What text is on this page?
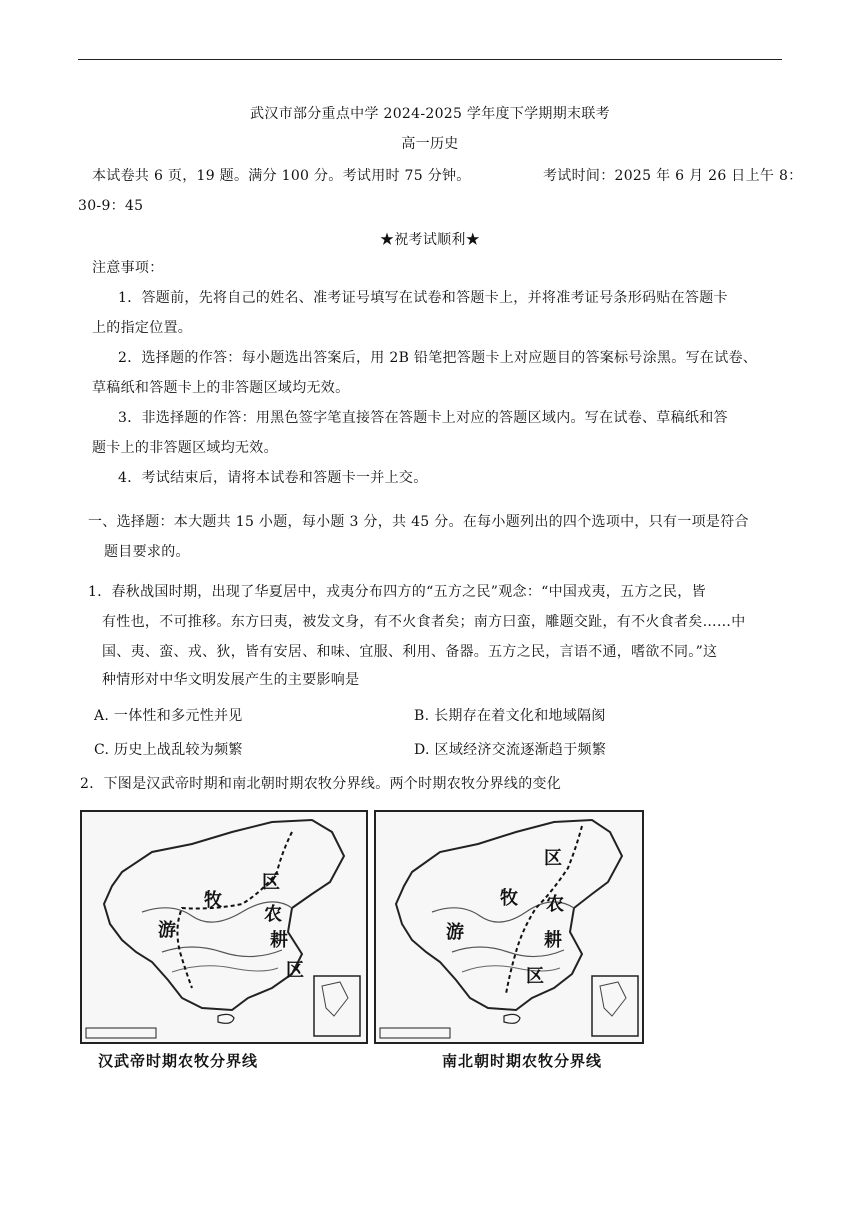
武汉市部分重点中学 2024-2025 学年度下学期期末联考
高一历史
本试卷共 6 页，19 题。满分 100 分。考试用时 75 分钟。	考试时间：2025 年 6 月 26 日上午 8：
30-9：45
★祝考试顺利★
注意事项：
1．答题前，先将自己的姓名、准考证号填写在试卷和答题卡上，并将准考证号条形码贴在答题卡
上的指定位置。
2．选择题的作答：每小题选出答案后，用 2B 铅笔把答题卡上对应题目的答案标号涂黑。写在试卷、
草稿纸和答题卡上的非答题区域均无效。
3．非选择题的作答：用黑色签字笔直接答在答题卡上对应的答题区域内。写在试卷、草稿纸和答
题卡上的非答题区域均无效。
4．考试结束后，请将本试卷和答题卡一并上交。
一、选择题：本大题共 15 小题，每小题 3 分，共 45 分。在每小题列出的四个选项中，只有一项是符合
题目要求的。
1．春秋战国时期，出现了华夏居中，戎夷分布四方的“五方之民”观念：“中国戎夷，五方之民，皆
有性也，不可推移。东方曰夷，被发文身，有不火食者矣；南方曰蛮，雕题交趾，有不火食者矣……中
国、夷、蛮、戎、狄，皆有安居、和味、宜服、利用、备器。五方之民，言语不通，嗜欲不同。”这
种情形对中华文明发展产生的主要影响是
A. 一体性和多元性并见	B. 长期存在着文化和地域隔阂
C. 历史上战乱较为频繁	D. 区域经济交流逐渐趋于频繁
2．下图是汉武帝时期和南北朝时期农牧分界线。两个时期农牧分界线的变化
区
牧
农
游	耕
区
汉武帝时期农牧分界线
区
牧 农
游	耕
区
南北朝时期农牧分界线
